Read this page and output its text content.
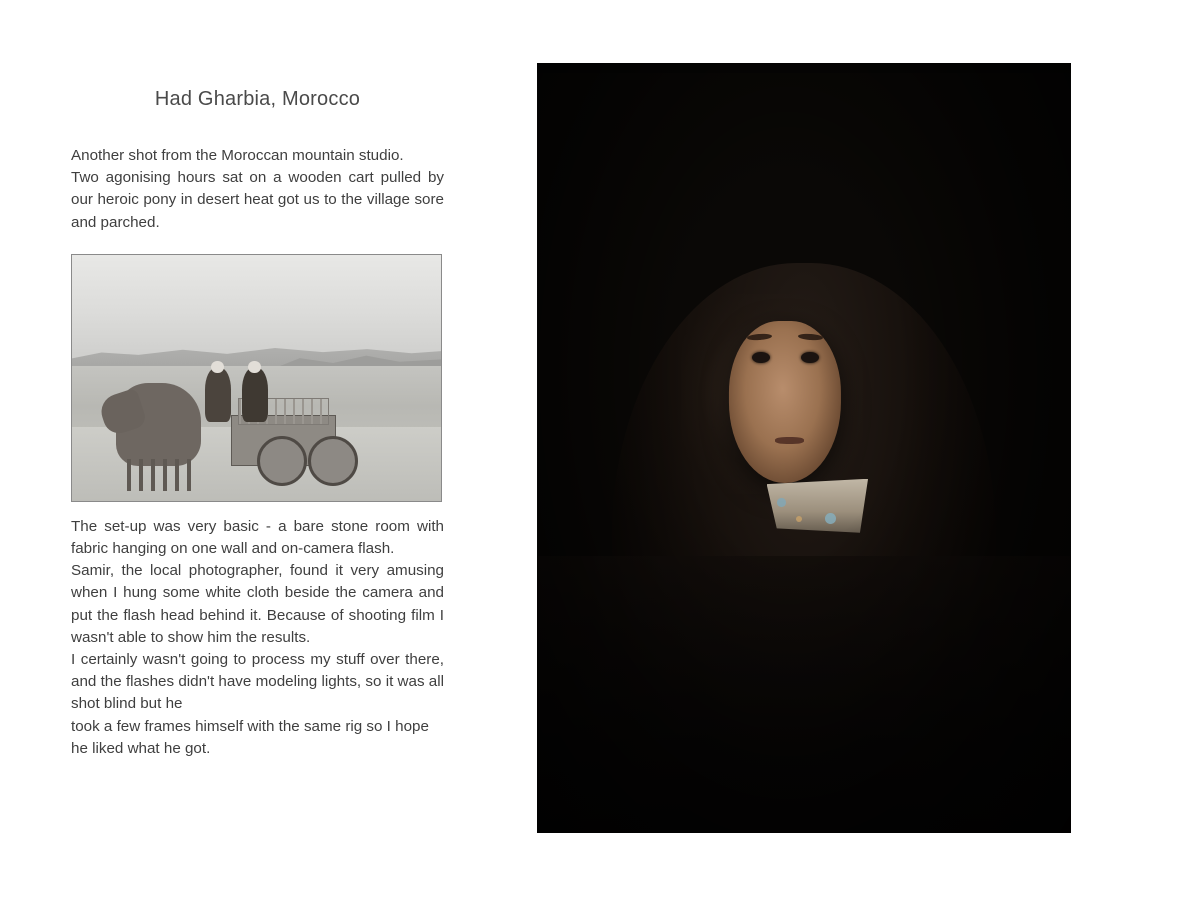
Had Gharbia, Morocco

Another shot from the Moroccan mountain studio.

Two agonising hours sat on a wooden cart pulled by our heroic pony in desert heat got us to the village sore and parched.

The set-up was very basic - a bare stone room with fabric hanging on one wall and on-camera flash.

Samir, the local photographer, found it very amusing when I hung some white cloth beside the camera and put the flash head behind it. Because of shooting film I wasn't able to show him the results.

I certainly wasn't going to process my stuff over there, and the flashes didn't have modeling lights, so it was all shot blind but he

took a few frames himself with the same rig so I hope he liked what he got.
